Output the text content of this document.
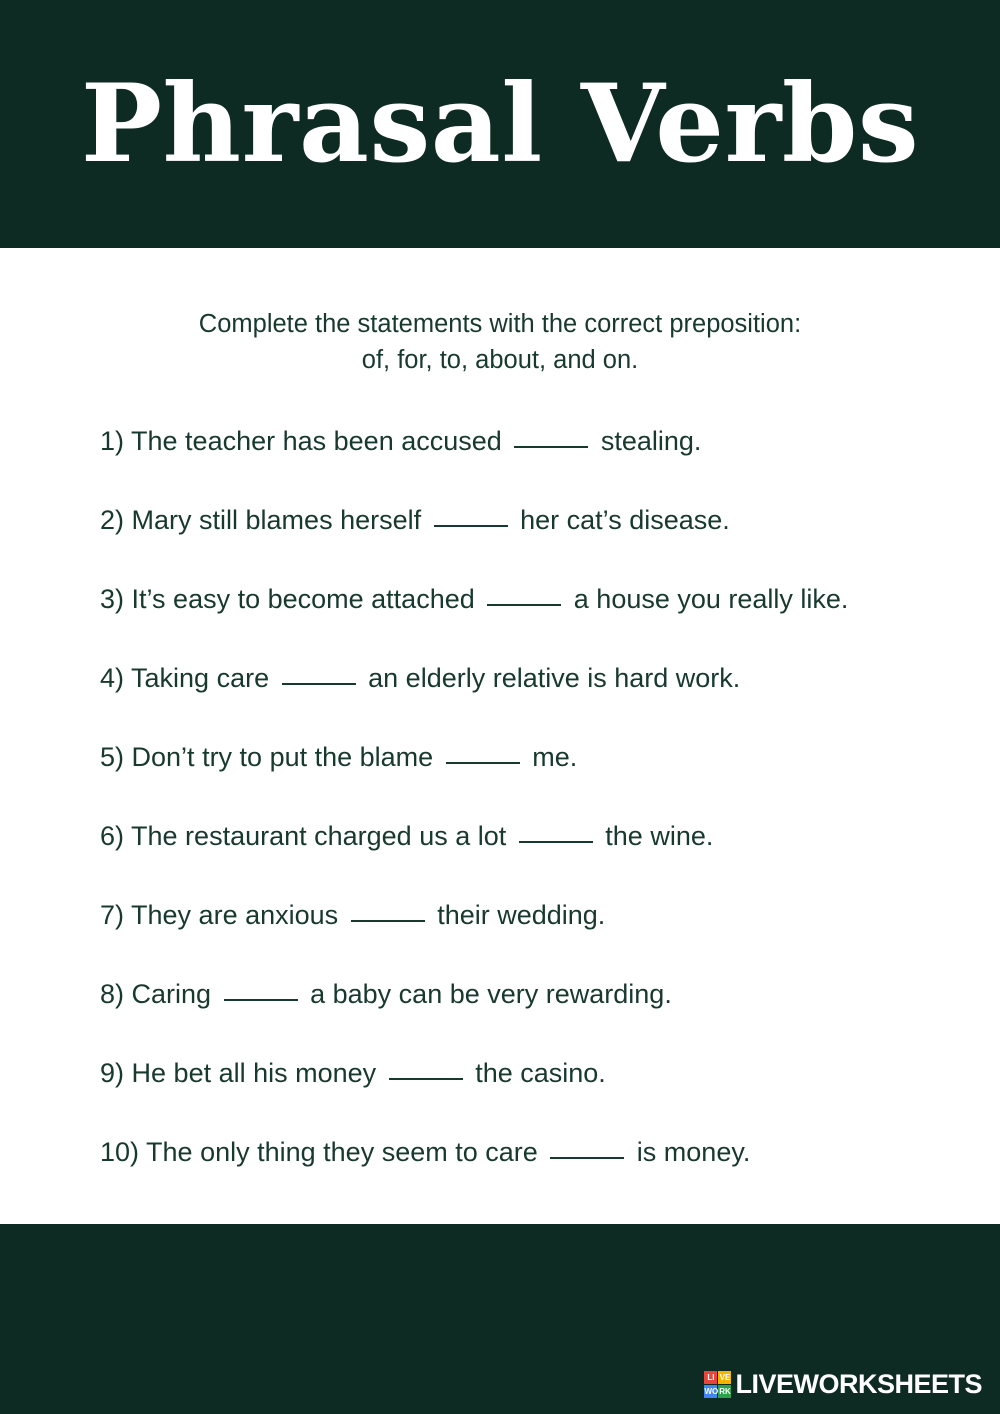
Phrasal Verbs

Complete the statements with the correct preposition:
of, for, to, about, and on.

1) The teacher has been accused	stealing.
2) Mary still blames herself	her cat’s disease.
3) It’s easy to become attached	a house you really like.
4) Taking care	an elderly relative is hard work.
5) Don’t try to put the blame	me.
6) The restaurant charged us a lot	the wine.
7) They are anxious	their wedding.
8) Caring	a baby can be very rewarding.
9) He bet all his money	the casino.
10) The only thing they seem to care	is money.
LI VE
WO RK LIVEWORKSHEETS
